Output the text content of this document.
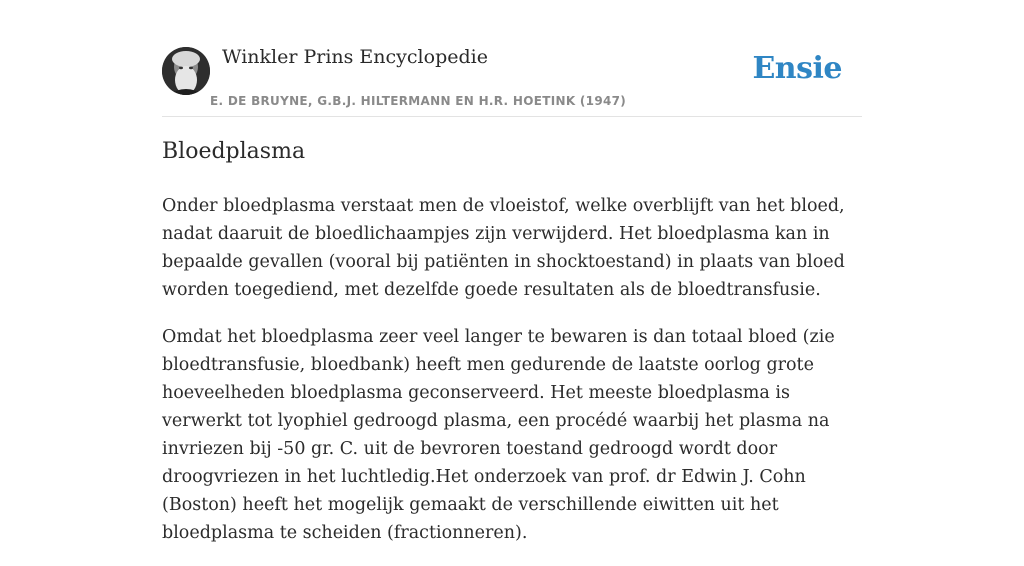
Winkler Prins Encyclopedie
E. DE BRUYNE, G.B.J. HILTERMANN EN H.R. HOETINK (1947)
Ensie
Bloedplasma

Onder bloedplasma verstaat men de vloeistof, welke overblijft van het bloed, nadat daaruit de bloedlichaampjes zijn verwijderd. Het bloedplasma kan in bepaalde gevallen (vooral bij patiënten in shocktoestand) in plaats van bloed worden toegediend, met dezelfde goede resultaten als de bloedtransfusie.

Omdat het bloedplasma zeer veel langer te bewaren is dan totaal bloed (zie bloedtransfusie, bloedbank) heeft men gedurende de laatste oorlog grote hoeveelheden bloedplasma geconserveerd. Het meeste bloedplasma is verwerkt tot lyophiel gedroogd plasma, een procédé waarbij het plasma na invriezen bij -50 gr. C. uit de bevroren toestand gedroogd wordt door droogvriezen in het luchtledig.Het onderzoek van prof. dr Edwin J. Cohn (Boston) heeft het mogelijk gemaakt de verschillende eiwitten uit het bloedplasma te scheiden (fractionneren).
